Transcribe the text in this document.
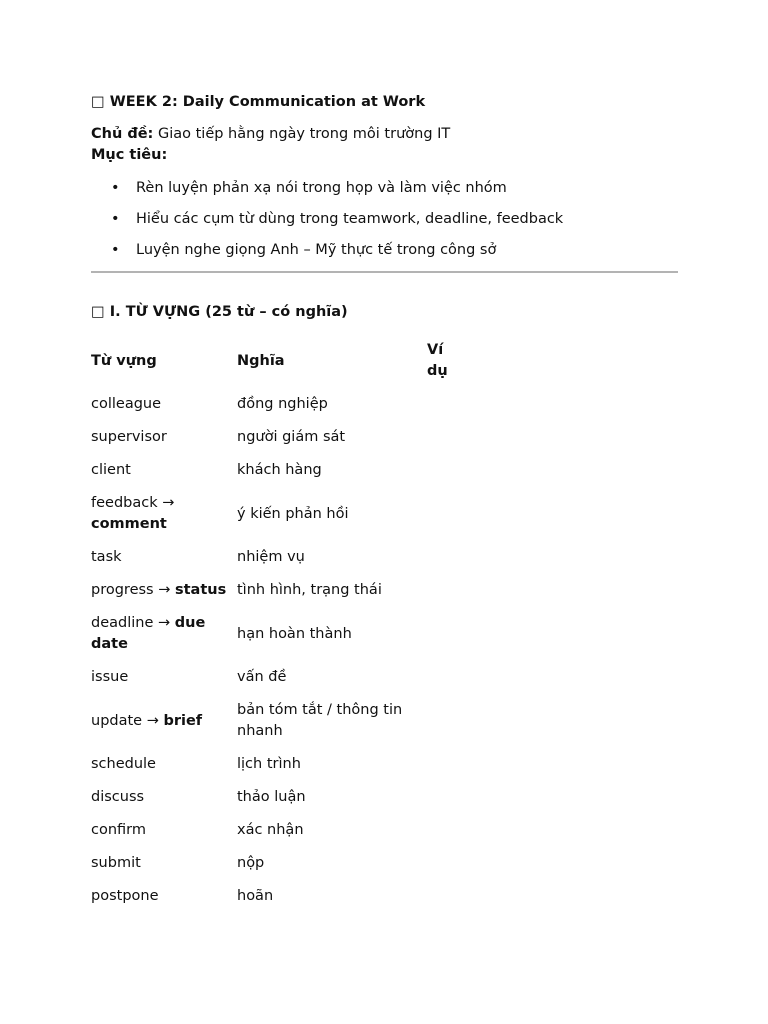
□ WEEK 2: Daily Communication at Work
Chủ đề: Giao tiếp hằng ngày trong môi trường IT
Mục tiêu:
• Rèn luyện phản xạ nói trong họp và làm việc nhóm
• Hiểu các cụm từ dùng trong teamwork, deadline, feedback
• Luyện nghe giọng Anh – Mỹ thực tế trong công sở
□ I. TỪ VỰNG (25 từ – có nghĩa)
Từ vựng	Nghĩa	Ví dụ
colleague	đồng nghiệp	
supervisor	người giám sát	
client	khách hàng	
feedback → comment	ý kiến phản hồi	
task	nhiệm vụ	
progress → status	tình hình, trạng thái	
deadline → due date	hạn hoàn thành	
issue	vấn đề	
update → brief	bản tóm tắt / thông tin nhanh	
schedule	lịch trình	
discuss	thảo luận	
confirm	xác nhận	
submit	nộp	
postpone	hoãn	
